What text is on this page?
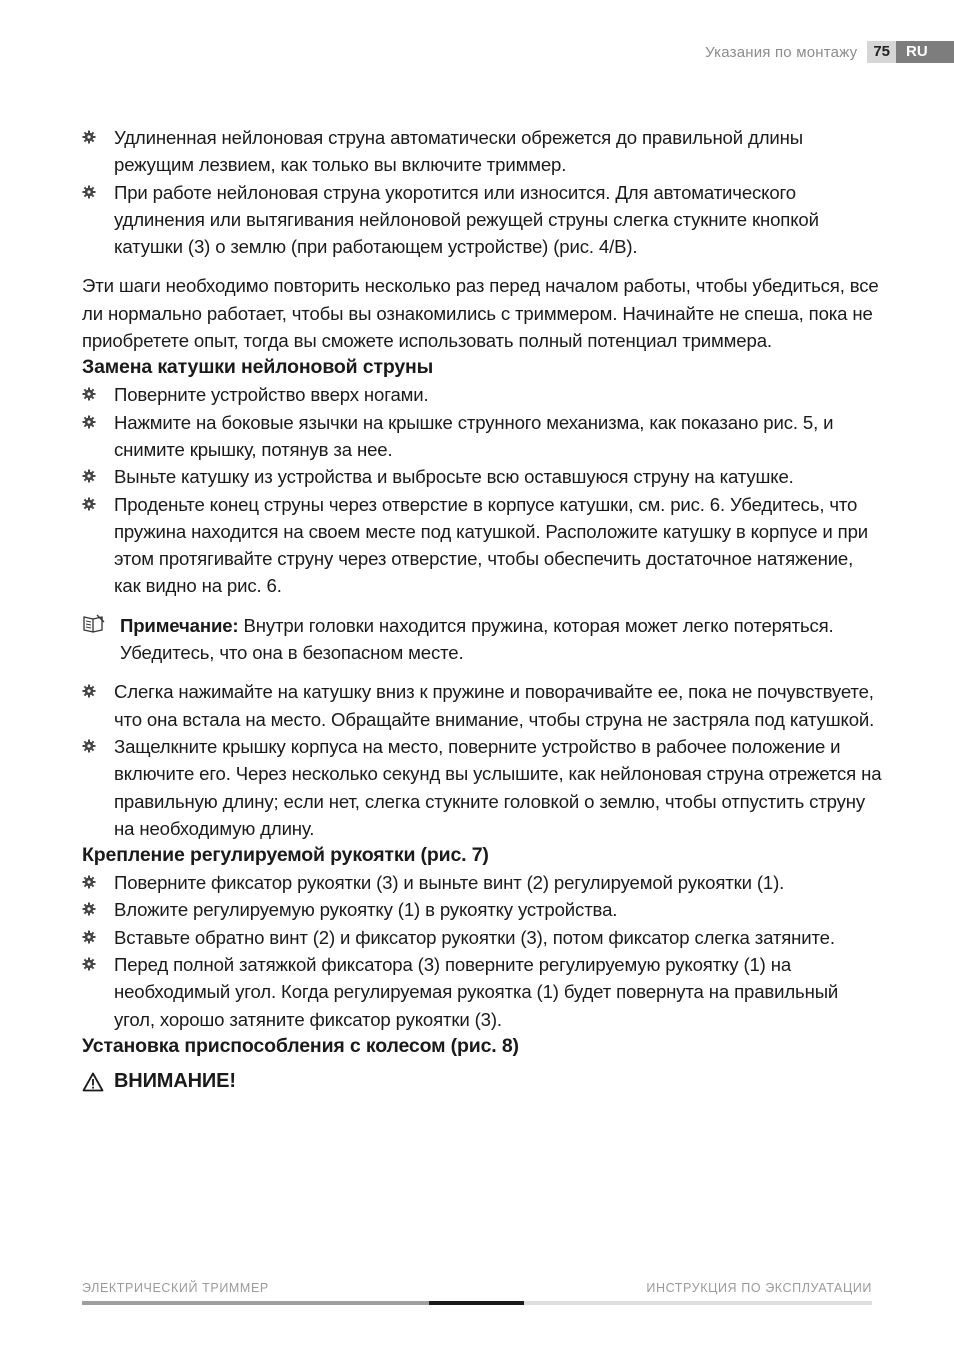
Указания по монтажу	75	RU
Удлиненная нейлоновая струна автоматически обрежется до правильной длины режущим лезвием, как только вы включите триммер.
При работе нейлоновая струна укоротится или износится. Для автоматического удлинения или вытягивания нейлоновой режущей струны слегка стукните кнопкой катушки (3) о землю (при работающем устройстве) (рис. 4/B).

Эти шаги необходимо повторить несколько раз перед началом работы, чтобы убедиться, все ли нормально работает, чтобы вы ознакомились с триммером. Начинайте не спеша, пока не приобретете опыт, тогда вы сможете использовать полный потенциал триммера.

Замена катушки нейлоновой струны
Поверните устройство вверх ногами.
Нажмите на боковые язычки на крышке струнного механизма, как показано рис. 5, и снимите крышку, потянув за нее.
Выньте катушку из устройства и выбросьте всю оставшуюся струну на катушке.
Проденьте конец струны через отверстие в корпусе катушки, см. рис. 6. Убедитесь, что пружина находится на своем месте под катушкой. Расположите катушку в корпусе и при этом протягивайте струну через отверстие, чтобы обеспечить достаточное натяжение, как видно на рис. 6.
Примечание: Внутри головки находится пружина, которая может легко потеряться. Убедитесь, что она в безопасном месте.
Слегка нажимайте на катушку вниз к пружине и поворачивайте ее, пока не почувствуете, что она встала на место. Обращайте внимание, чтобы струна не застряла под катушкой.
Защелкните крышку корпуса на место, поверните устройство в рабочее положение и включите его. Через несколько секунд вы услышите, как нейлоновая струна отрежется на правильную длину; если нет, слегка стукните головкой о землю, чтобы отпустить струну на необходимую длину.
Крепление регулируемой рукоятки (рис. 7)
Поверните фиксатор рукоятки (3) и выньте винт (2) регулируемой рукоятки (1).
Вложите регулируемую рукоятку (1) в рукоятку устройства.
Вставьте обратно винт (2) и фиксатор рукоятки (3), потом фиксатор слегка затяните.
Перед полной затяжкой фиксатора (3) поверните регулируемую рукоятку (1) на необходимый угол. Когда регулируемая рукоятка (1) будет повернута на правильный угол, хорошо затяните фиксатор рукоятки (3).
Установка приспособления с колесом (рис. 8)
ВНИМАНИЕ!
ЭЛЕКТРИЧЕСКИЙ ТРИММЕР	ИНСТРУКЦИЯ ПО ЭКСПЛУАТАЦИИ
